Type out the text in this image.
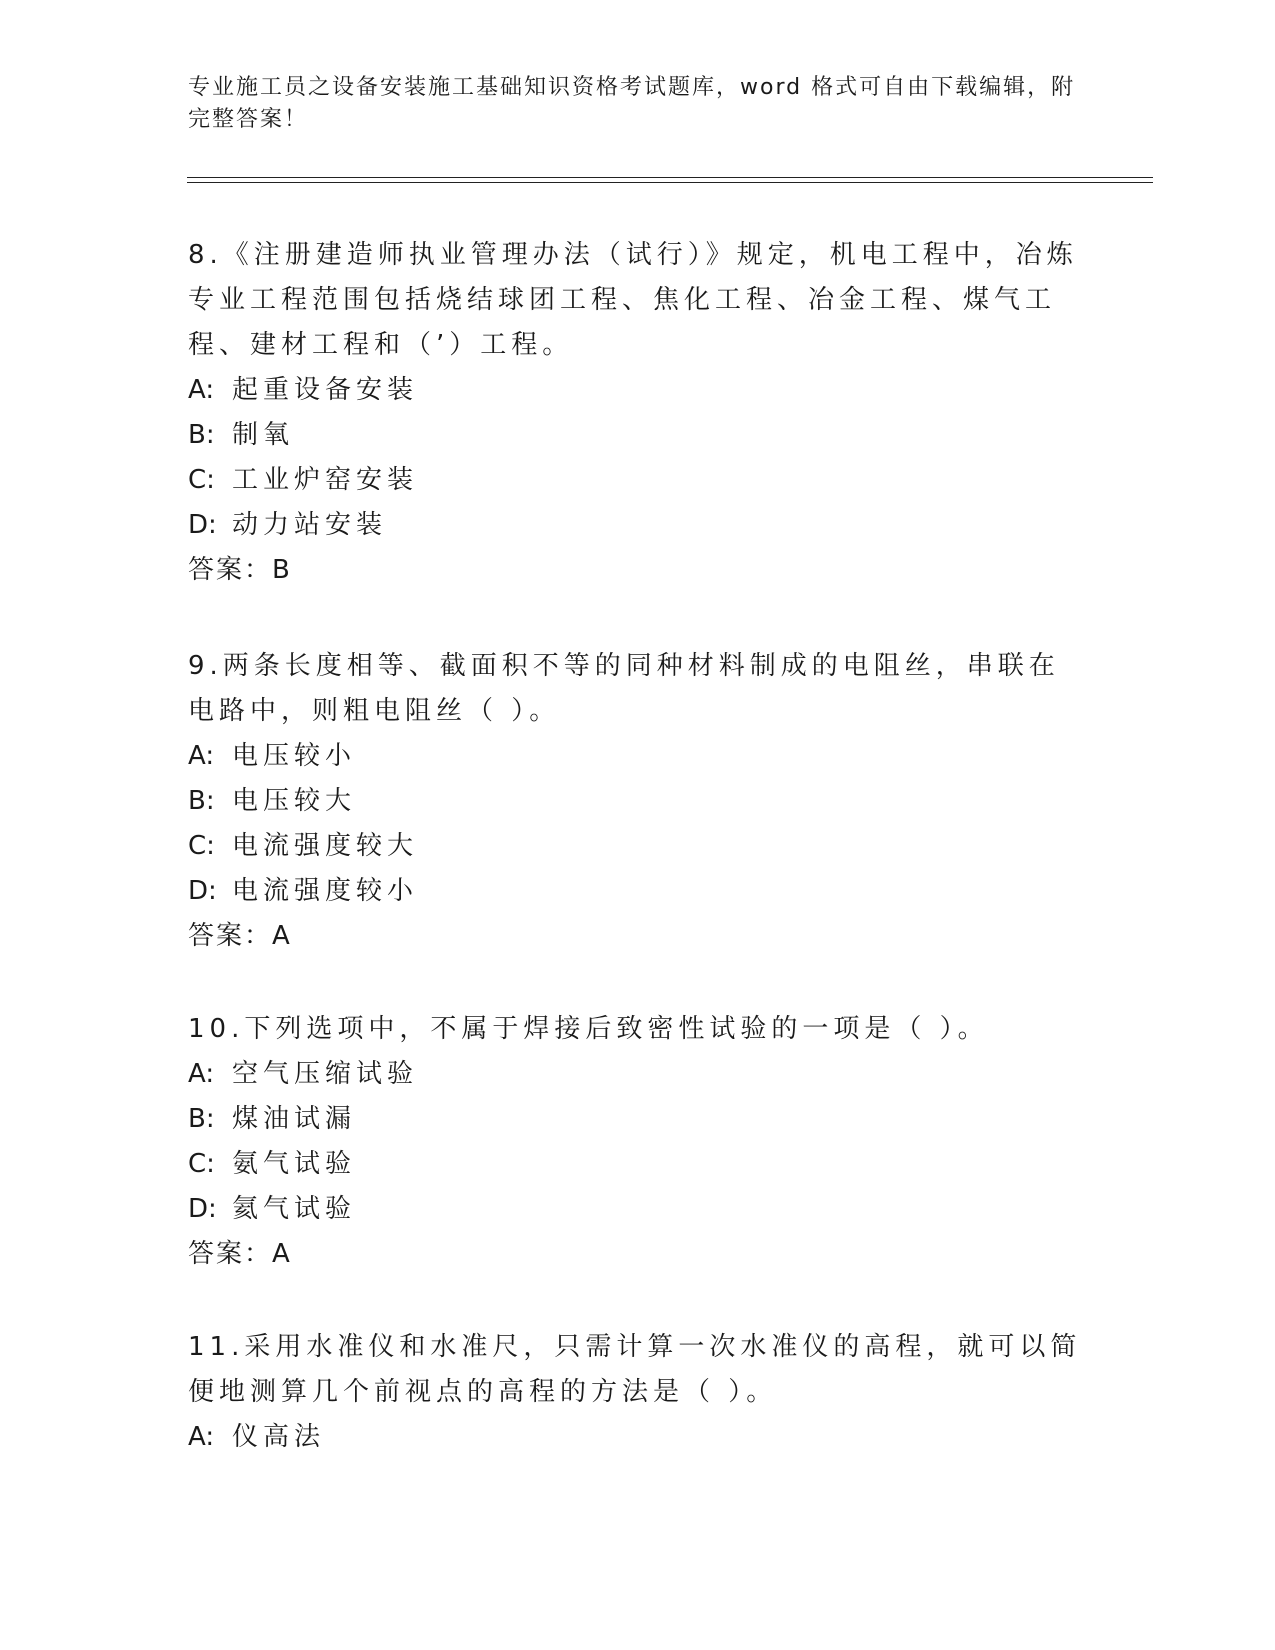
专业施工员之设备安装施工基础知识资格考试题库，word 格式可自由下载编辑，附完整答案！

8.《注册建造师执业管理办法（试行）》规定，机电工程中，冶炼专业工程范围包括烧结球团工程、焦化工程、冶金工程、煤气工程、建材工程和（’）工程。

A: 起重设备安装

B: 制氧

C: 工业炉窑安装

D: 动力站安装

答案：B

9.两条长度相等、截面积不等的同种材料制成的电阻丝，串联在电路中，则粗电阻丝（ ）。

A: 电压较小

B: 电压较大

C: 电流强度较大

D: 电流强度较小

答案：A

10.下列选项中，不属于焊接后致密性试验的一项是（ ）。

A: 空气压缩试验

B: 煤油试漏

C: 氨气试验

D: 氦气试验

答案：A

11.采用水准仪和水准尺，只需计算一次水准仪的高程，就可以简便地测算几个前视点的高程的方法是（ ）。

A: 仪高法
